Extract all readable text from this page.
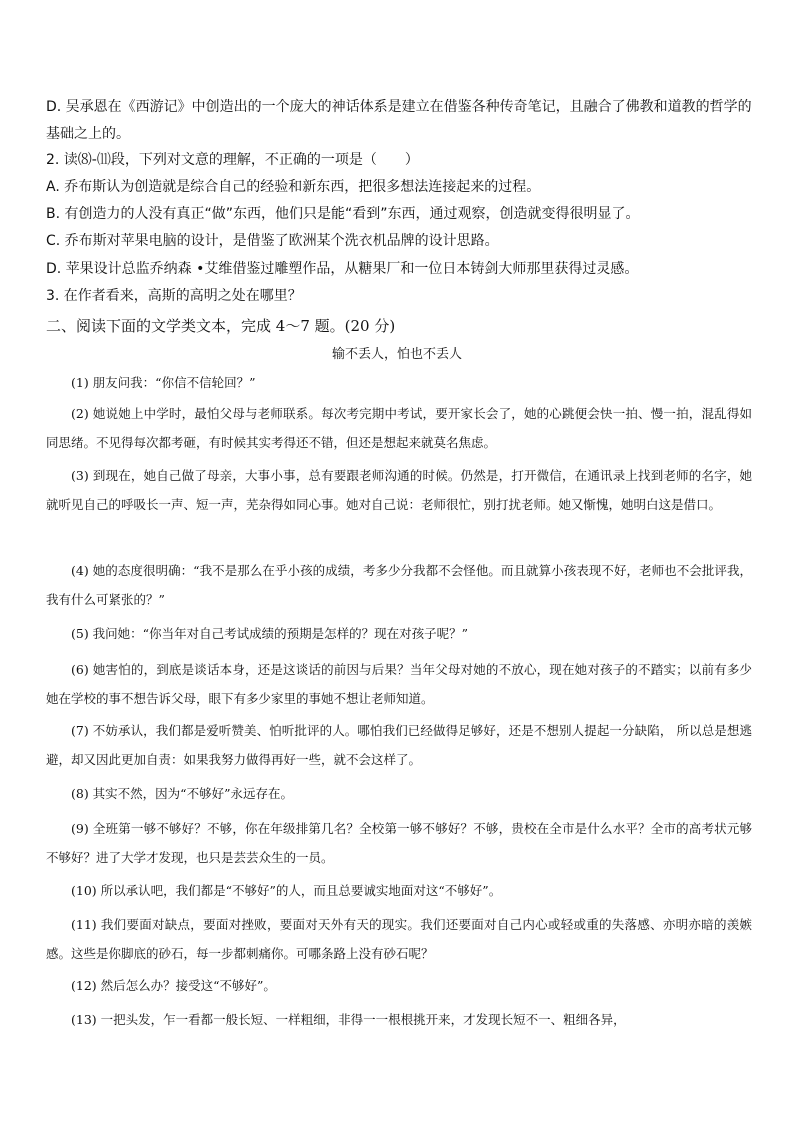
D. 吴承恩在《西游记》中创造出的一个庞大的神话体系是建立在借鉴各种传奇笔记，且融合了佛教和道教的哲学的基础之上的。
2. 读⑻-⑾段，下列对文意的理解，不正确的一项是（　　）
A. 乔布斯认为创造就是综合自己的经验和新东西，把很多想法连接起来的过程。
B. 有创造力的人没有真正“做”东西，他们只是能“看到”东西，通过观察，创造就变得很明显了。
C. 乔布斯对苹果电脑的设计，是借鉴了欧洲某个洗衣机品牌的设计思路。
D. 苹果设计总监乔纳森 •艾维借鉴过雕塑作品，从糖果厂和一位日本铸剑大师那里获得过灵感。
3. 在作者看来，高斯的高明之处在哪里？
二、阅读下面的文学类文本，完成 4～7 题。(20 分)
输不丢人，怕也不丢人
(1) 朋友问我：“你信不信轮回？”
(2) 她说她上中学时，最怕父母与老师联系。每次考完期中考试，要开家长会了，她的心跳便会快一拍、慢一拍，混乱得如同思绪。不见得每次都考砸，有时候其实考得还不错，但还是想起来就莫名焦虑。
(3) 到现在，她自己做了母亲，大事小事，总有要跟老师沟通的时候。仍然是，打开微信，在通讯录上找到老师的名字，她就听见自己的呼吸长一声、短一声，芜杂得如同心事。她对自己说：老师很忙，别打扰老师。她又惭愧，她明白这是借口。
(4) 她的态度很明确：“我不是那么在乎小孩的成绩，考多少分我都不会怪他。而且就算小孩表现不好，老师也不会批评我，我有什么可紧张的？”
(5) 我问她：“你当年对自己考试成绩的预期是怎样的？现在对孩子呢？”
(6) 她害怕的，到底是谈话本身，还是这谈话的前因与后果？当年父母对她的不放心，现在她对孩子的不踏实；以前有多少她在学校的事不想告诉父母，眼下有多少家里的事她不想让老师知道。
(7) 不妨承认，我们都是爱听赞美、怕听批评的人。哪怕我们已经做得足够好，还是不想别人提起一分缺陷， 所以总是想逃避，却又因此更加自责：如果我努力做得再好一些，就不会这样了。
(8) 其实不然，因为“不够好”永远存在。
(9) 全班第一够不够好？不够，你在年级排第几名？全校第一够不够好？不够，贵校在全市是什么水平？全市的高考状元够不够好？进了大学才发现，也只是芸芸众生的一员。
(10) 所以承认吧，我们都是“不够好”的人，而且总要诚实地面对这“不够好”。
(11) 我们要面对缺点，要面对挫败，要面对天外有天的现实。我们还要面对自己内心或轻或重的失落感、亦明亦暗的羡嫉感。这些是你脚底的砂石，每一步都刺痛你。可哪条路上没有砂石呢？
(12) 然后怎么办？接受这“不够好”。
(13) 一把头发，乍一看都一般长短、一样粗细，非得一一根根挑开来，才发现长短不一、粗细各异，
